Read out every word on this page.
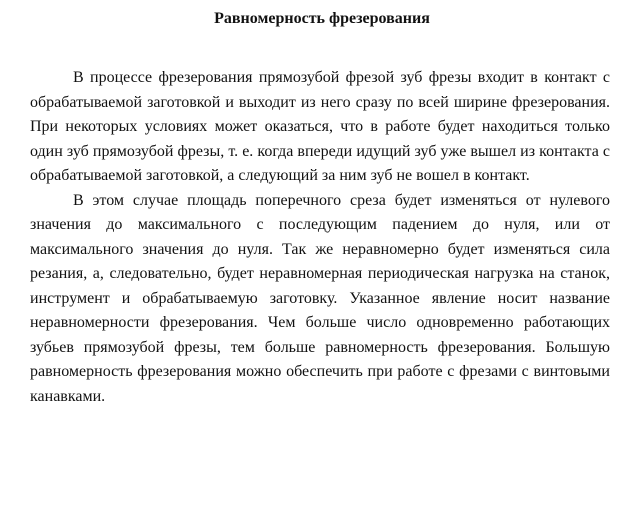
Равномерность фрезерования

В процессе фрезерования прямозубой фрезой зуб фрезы входит в контакт с обрабатываемой заготовкой и выходит из него сразу по всей ширине фрезерования. При некоторых условиях может оказаться, что в работе будет находиться только один зуб прямозубой фрезы, т. е. когда впереди идущий зуб уже вышел из контакта с обрабатываемой заготовкой, а следующий за ним зуб не вошел в контакт.

В этом случае площадь поперечного среза будет изменяться от нулевого значения до максимального с последующим падением до нуля, или от максимального значения до нуля. Так же неравномерно будет изменяться сила резания, а, следовательно, будет неравномерная периодическая нагрузка на станок, инструмент и обрабатываемую заготовку. Указанное явление носит название неравномерности фрезерования. Чем больше число одновременно работающих зубьев прямозубой фрезы, тем больше равномерность фрезерования. Большую равномерность фрезерования можно обеспечить при работе с фрезами с винтовыми канавками.
